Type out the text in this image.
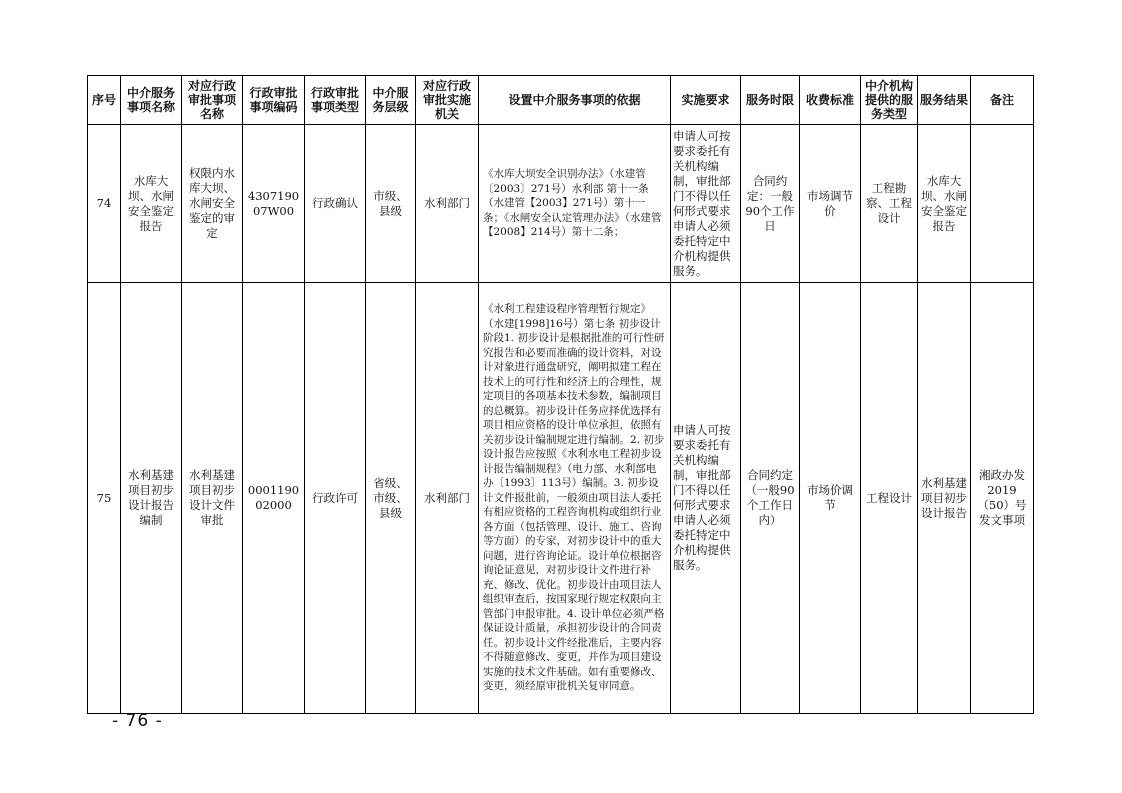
序号	中介服务事项名称	对应行政审批事项名称	行政审批事项编码	行政审批事项类型	中介服务层级	对应行政审批实施机关	设置中介服务事项的依据	实施要求	服务时限	收费标准	中介机构提供的服务类型	服务结果	备注
74	水库大坝、水闸安全鉴定报告	权限内水库大坝、水闸安全鉴定的审定	430719007W00	行政确认	市级、县级	水利部门	《水库大坝安全识别办法》（水建管〔2003〕271号）水利部 第十一条 （水建管【2003】271号）第十一条；《水闸安全认定管理办法》（水建管【2008】214号）第十二条；	申请人可按要求委托有关机构编制，审批部门不得以任何形式要求申请人必须委托特定中介机构提供服务。	合同约定：一般90个工作日	市场调节价	工程勘察、工程设计	水库大坝、水闸安全鉴定报告	
75	水利基建项目初步设计报告编制	水利基建项目初步设计文件审批	000119002000	行政许可	省级、市级、县级	水利部门	《水利工程建设程序管理暂行规定》（水建[1998]16号）第七条 初步设计阶段1. 初步设计是根据批准的可行性研究报告和必要而准确的设计资料，对设计对象进行通盘研究，阐明拟建工程在技术上的可行性和经济上的合理性，规定项目的各项基本技术参数，编制项目的总概算。初步设计任务应择优选择有项目相应资格的设计单位承担，依照有关初步设计编制规定进行编制。2. 初步设计报告应按照《水利水电工程初步设计报告编制规程》（电力部、水利部电办〔1993〕113号）编制。3. 初步设计文件报批前，一般须由项目法人委托有相应资格的工程咨询机构或组织行业各方面（包括管理、设计、施工、咨询等方面）的专家，对初步设计中的重大问题，进行咨询论证。设计单位根据咨询论证意见，对初步设计文件进行补充、修改、优化。初步设计由项目法人组织审查后，按国家现行规定权限向主管部门申报审批。4. 设计单位必须严格保证设计质量，承担初步设计的合同责任。初步设计文件经批准后，主要内容不得随意修改、变更，并作为项目建设实施的技术文件基础。如有重要修改、变更，须经原审批机关复审同意。	申请人可按要求委托有关机构编制，审批部门不得以任何形式要求申请人必须委托特定中介机构提供服务。	合同约定（一般90个工作日内）	市场价调节	工程设计	水利基建项目初步设计报告	湘政办发2019（50）号发文事项
- 76 -
